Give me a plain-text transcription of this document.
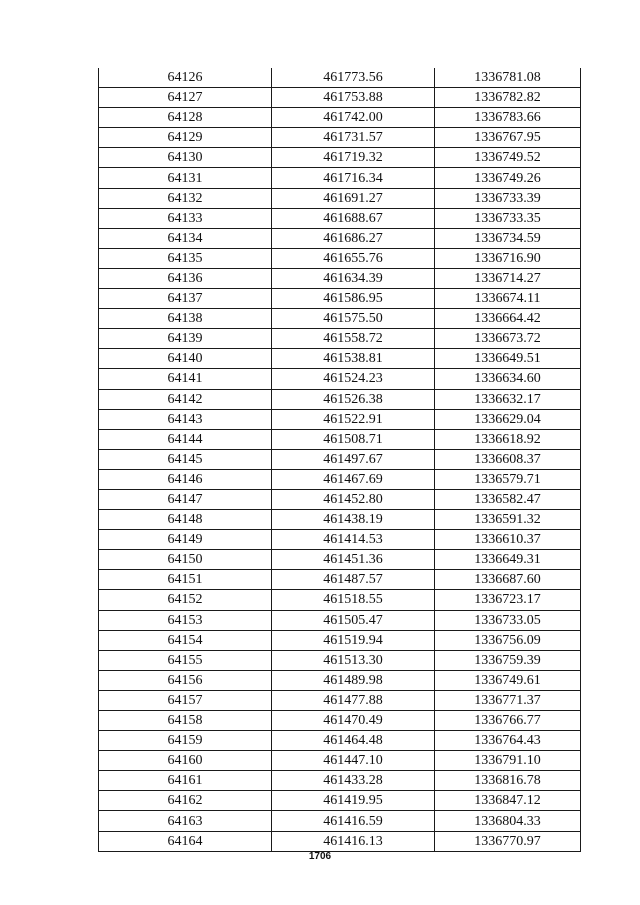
64126	461773.56	1336781.08
64127	461753.88	1336782.82
64128	461742.00	1336783.66
64129	461731.57	1336767.95
64130	461719.32	1336749.52
64131	461716.34	1336749.26
64132	461691.27	1336733.39
64133	461688.67	1336733.35
64134	461686.27	1336734.59
64135	461655.76	1336716.90
64136	461634.39	1336714.27
64137	461586.95	1336674.11
64138	461575.50	1336664.42
64139	461558.72	1336673.72
64140	461538.81	1336649.51
64141	461524.23	1336634.60
64142	461526.38	1336632.17
64143	461522.91	1336629.04
64144	461508.71	1336618.92
64145	461497.67	1336608.37
64146	461467.69	1336579.71
64147	461452.80	1336582.47
64148	461438.19	1336591.32
64149	461414.53	1336610.37
64150	461451.36	1336649.31
64151	461487.57	1336687.60
64152	461518.55	1336723.17
64153	461505.47	1336733.05
64154	461519.94	1336756.09
64155	461513.30	1336759.39
64156	461489.98	1336749.61
64157	461477.88	1336771.37
64158	461470.49	1336766.77
64159	461464.48	1336764.43
64160	461447.10	1336791.10
64161	461433.28	1336816.78
64162	461419.95	1336847.12
64163	461416.59	1336804.33
64164	461416.13	1336770.97
1706
